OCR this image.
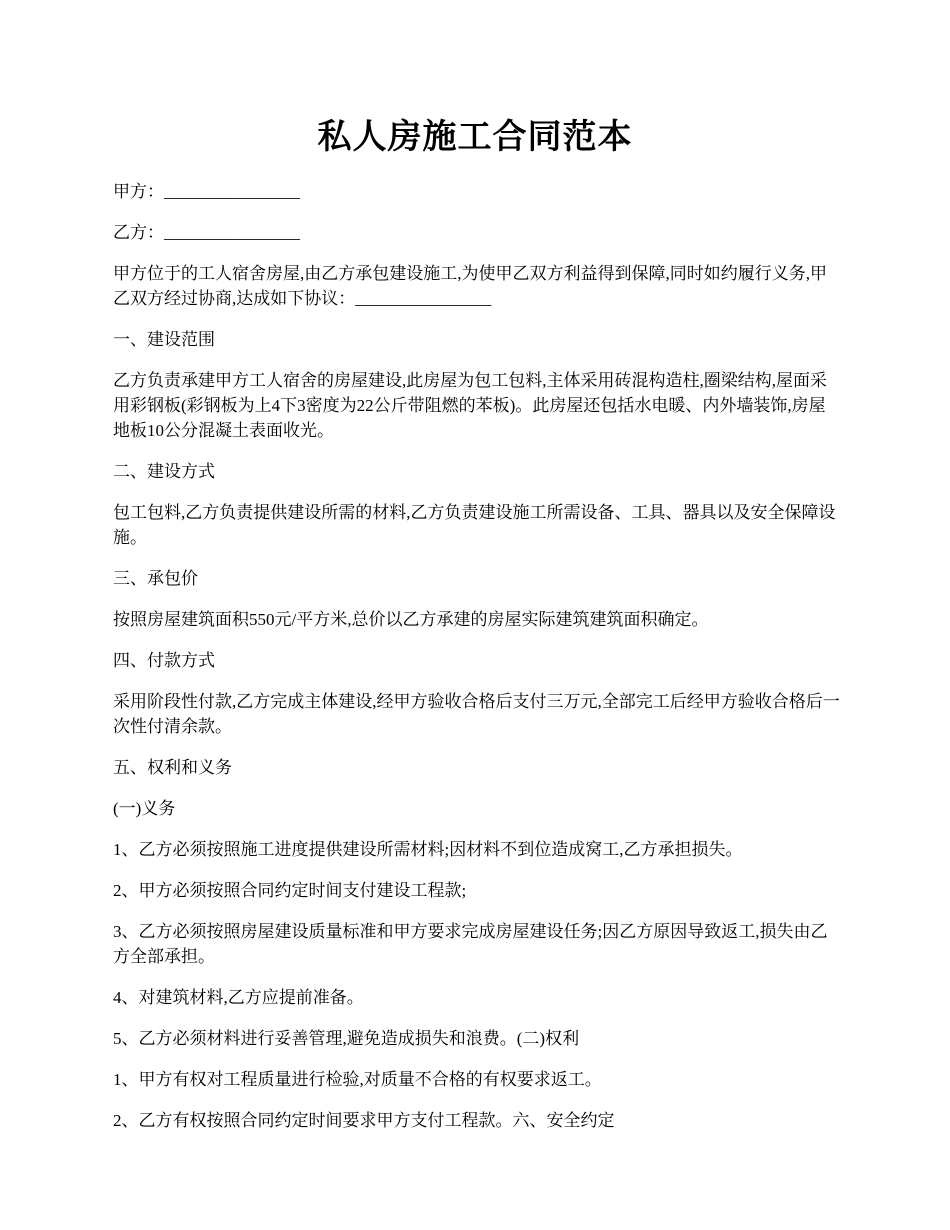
私人房施工合同范本

甲方：________________

乙方：________________

甲方位于的工人宿舍房屋,由乙方承包建设施工,为使甲乙双方利益得到保障,同时如约履行义务,甲乙双方经过协商,达成如下协议：________________

一、建设范围

乙方负责承建甲方工人宿舍的房屋建设,此房屋为包工包料,主体采用砖混构造柱,圈梁结构,屋面采用彩钢板(彩钢板为上4下3密度为22公斤带阻燃的苯板)。此房屋还包括水电暖、内外墙装饰,房屋地板10公分混凝土表面收光。

二、建设方式

包工包料,乙方负责提供建设所需的材料,乙方负责建设施工所需设备、工具、器具以及安全保障设施。

三、承包价

按照房屋建筑面积550元/平方米,总价以乙方承建的房屋实际建筑建筑面积确定。

四、付款方式

采用阶段性付款,乙方完成主体建设,经甲方验收合格后支付三万元,全部完工后经甲方验收合格后一次性付清余款。

五、权利和义务

(一)义务

1、乙方必须按照施工进度提供建设所需材料;因材料不到位造成窝工,乙方承担损失。

2、甲方必须按照合同约定时间支付建设工程款;

3、乙方必须按照房屋建设质量标准和甲方要求完成房屋建设任务;因乙方原因导致返工,损失由乙方全部承担。

4、对建筑材料,乙方应提前准备。

5、乙方必须材料进行妥善管理,避免造成损失和浪费。(二)权利

1、甲方有权对工程质量进行检验,对质量不合格的有权要求返工。

2、乙方有权按照合同约定时间要求甲方支付工程款。六、安全约定
